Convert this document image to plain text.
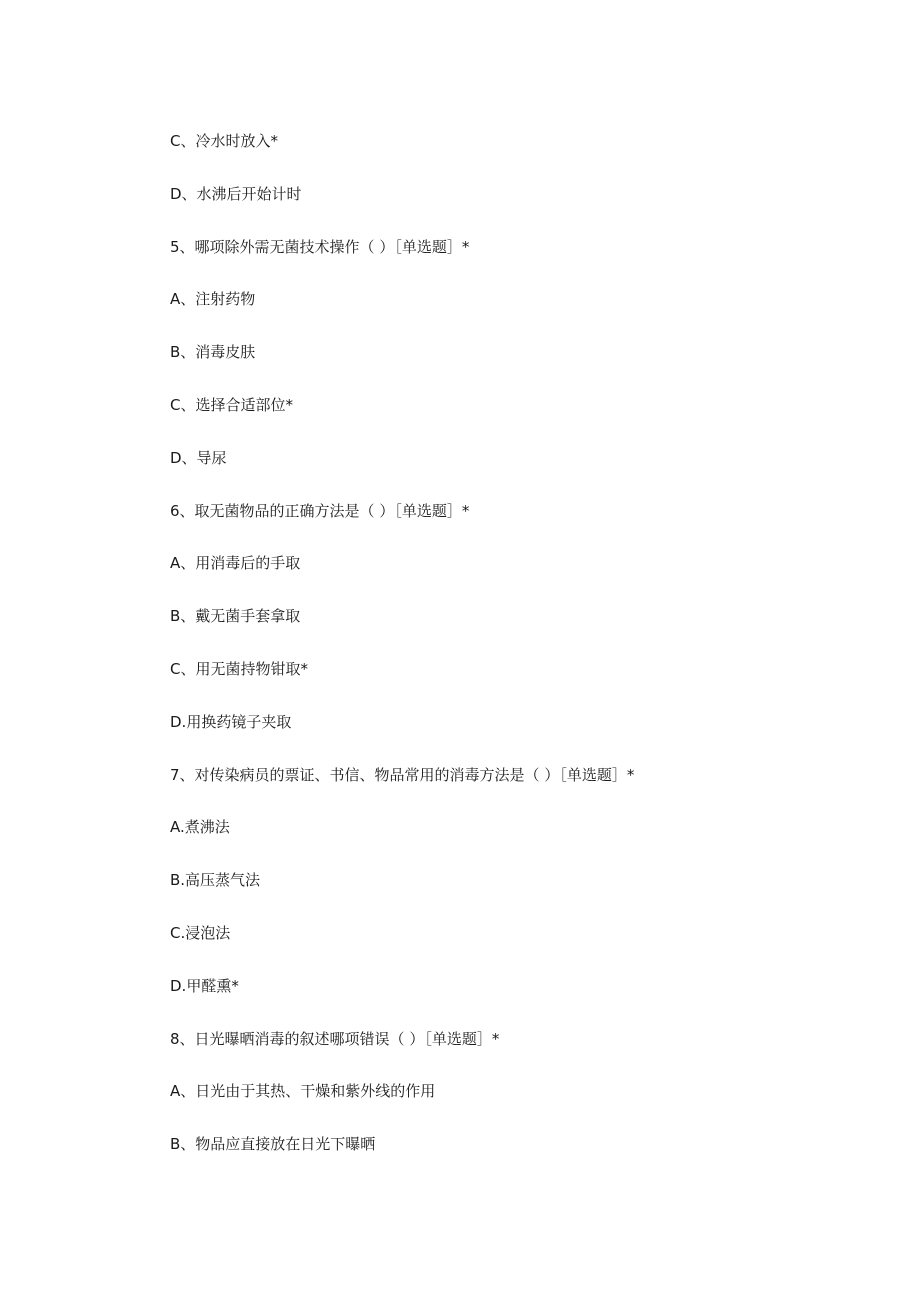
C、冷水时放入*
D、水沸后开始计时
5、哪项除外需无菌技术操作（ ）［单选题］*
A、注射药物
B、消毒皮肤
C、选择合适部位*
D、导尿
6、取无菌物品的正确方法是（ ）［单选题］*
A、用消毒后的手取
B、戴无菌手套拿取
C、用无菌持物钳取*
D.用换药镜子夹取
7、对传染病员的票证、书信、物品常用的消毒方法是（ ）［单选题］*
A.煮沸法
B.高压蒸气法
C.浸泡法
D.甲醛熏*
8、日光曝晒消毒的叙述哪项错误（ ）［单选题］*
A、日光由于其热、干燥和紫外线的作用
B、物品应直接放在日光下曝晒
